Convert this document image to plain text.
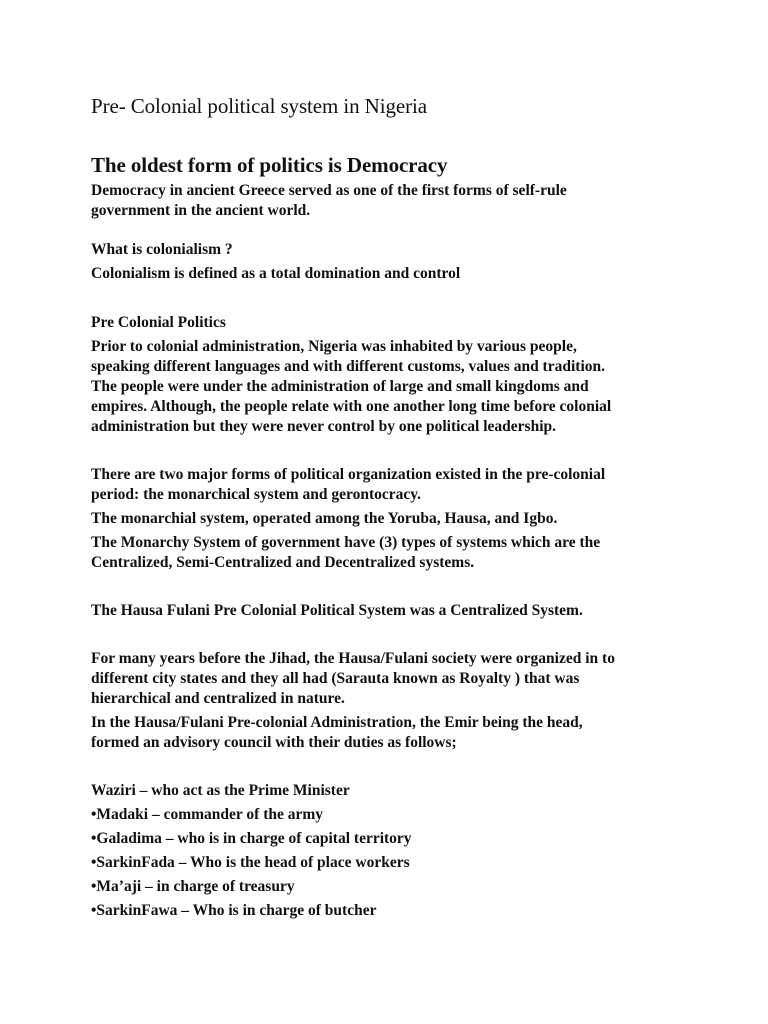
Pre- Colonial political system in Nigeria
The oldest form of politics is Democracy
Democracy in ancient Greece served as one of the first forms of self-rule
government in the ancient world.
What is colonialism ?
Colonialism is defined as a total domination and control
Pre Colonial Politics
Prior to colonial administration, Nigeria was inhabited by various people,
speaking different languages and with different customs, values and tradition.
The people were under the administration of large and small kingdoms and
empires. Although, the people relate with one another long time before colonial
administration but they were never control by one political leadership.
There are two major forms of political organization existed in the pre-colonial
period: the monarchical system and gerontocracy.
The monarchial system, operated among the Yoruba, Hausa, and Igbo.
The Monarchy System of government have (3) types of systems which are the
Centralized, Semi-Centralized and Decentralized systems.
The Hausa Fulani Pre Colonial Political System was a Centralized System.
For many years before the Jihad, the Hausa/Fulani society were organized in to
different city states and they all had (Sarauta known as Royalty ) that was
hierarchical and centralized in nature.
In the Hausa/Fulani Pre-colonial Administration, the Emir being the head,
formed an advisory council with their duties as follows;
Waziri – who act as the Prime Minister
•Madaki – commander of the army
•Galadima – who is in charge of capital territory
•SarkinFada – Who is the head of place workers
•Ma’aji – in charge of treasury
•SarkinFawa – Who is in charge of butcher
